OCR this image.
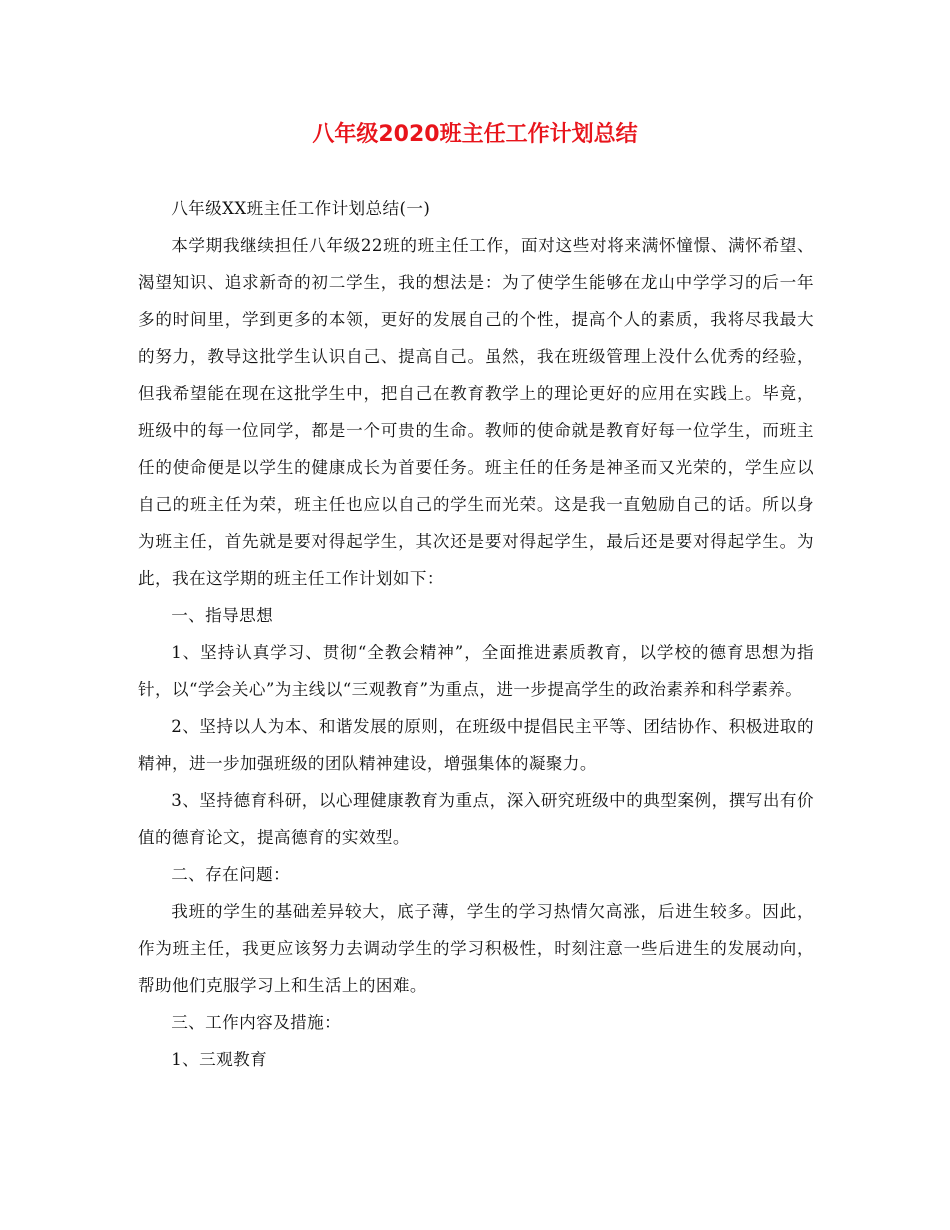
八年级2020班主任工作计划总结

八年级XX班主任工作计划总结(一)

本学期我继续担任八年级22班的班主任工作，面对这些对将来满怀憧憬、满怀希望、渴望知识、追求新奇的初二学生，我的想法是：为了使学生能够在龙山中学学习的后一年多的时间里，学到更多的本领，更好的发展自己的个性，提高个人的素质，我将尽我最大的努力，教导这批学生认识自己、提高自己。虽然，我在班级管理上没什么优秀的经验，但我希望能在现在这批学生中，把自己在教育教学上的理论更好的应用在实践上。毕竟，班级中的每一位同学，都是一个可贵的生命。教师的使命就是教育好每一位学生，而班主任的使命便是以学生的健康成长为首要任务。班主任的任务是神圣而又光荣的，学生应以自己的班主任为荣，班主任也应以自己的学生而光荣。这是我一直勉励自己的话。所以身为班主任，首先就是要对得起学生，其次还是要对得起学生，最后还是要对得起学生。为此，我在这学期的班主任工作计划如下：

一、指导思想

1、坚持认真学习、贯彻“全教会精神”，全面推进素质教育，以学校的德育思想为指针，以“学会关心”为主线以“三观教育”为重点，进一步提高学生的政治素养和科学素养。

2、坚持以人为本、和谐发展的原则，在班级中提倡民主平等、团结协作、积极进取的精神，进一步加强班级的团队精神建设，增强集体的凝聚力。

3、坚持德育科研，以心理健康教育为重点，深入研究班级中的典型案例，撰写出有价值的德育论文，提高德育的实效型。

二、存在问题：

我班的学生的基础差异较大，底子薄，学生的学习热情欠高涨，后进生较多。因此，作为班主任，我更应该努力去调动学生的学习积极性，时刻注意一些后进生的发展动向，帮助他们克服学习上和生活上的困难。

三、工作内容及措施：

1、三观教育
